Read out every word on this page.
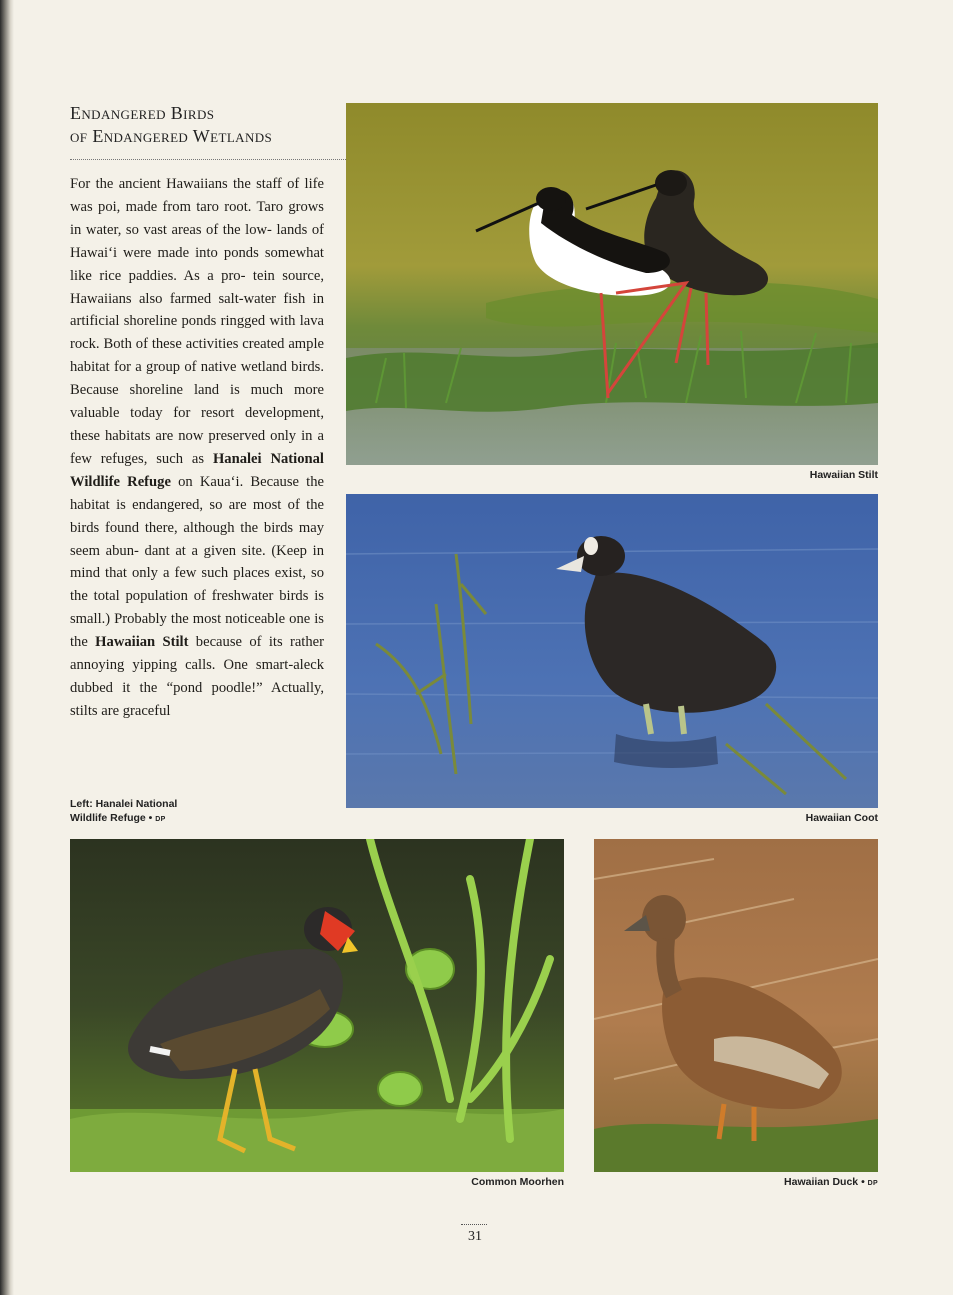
Endangered Birds
of Endangered Wetlands
For the ancient Hawaiians the staff of life was poi, made from taro root. Taro grows in water, so vast areas of the low- lands of Hawai‘i were made into ponds somewhat like rice paddies. As a pro- tein source, Hawaiians also farmed salt-water fish in artificial shoreline ponds ringged with lava rock. Both of these activities created ample habitat for a group of native wetland birds. Because shoreline land is much more valuable today for resort development, these habitats are now preserved only in a few refuges, such as Hanalei National Wildlife Refuge on Kaua‘i. Because the habitat is endangered, so are most of the birds found there, although the birds may seem abun- dant at a given site. (Keep in mind that only a few such places exist, so the total population of freshwater birds is small.) Probably the most noticeable one is the Hawaiian Stilt because of its rather annoying yipping calls. One smart-aleck dubbed it the “pond poodle!” Actually, stilts are graceful
Left: Hanalei National
Wildlife Refuge • DP
Hawaiian Stilt
Hawaiian Coot
Common Moorhen	Hawaiian Duck • DP
31
